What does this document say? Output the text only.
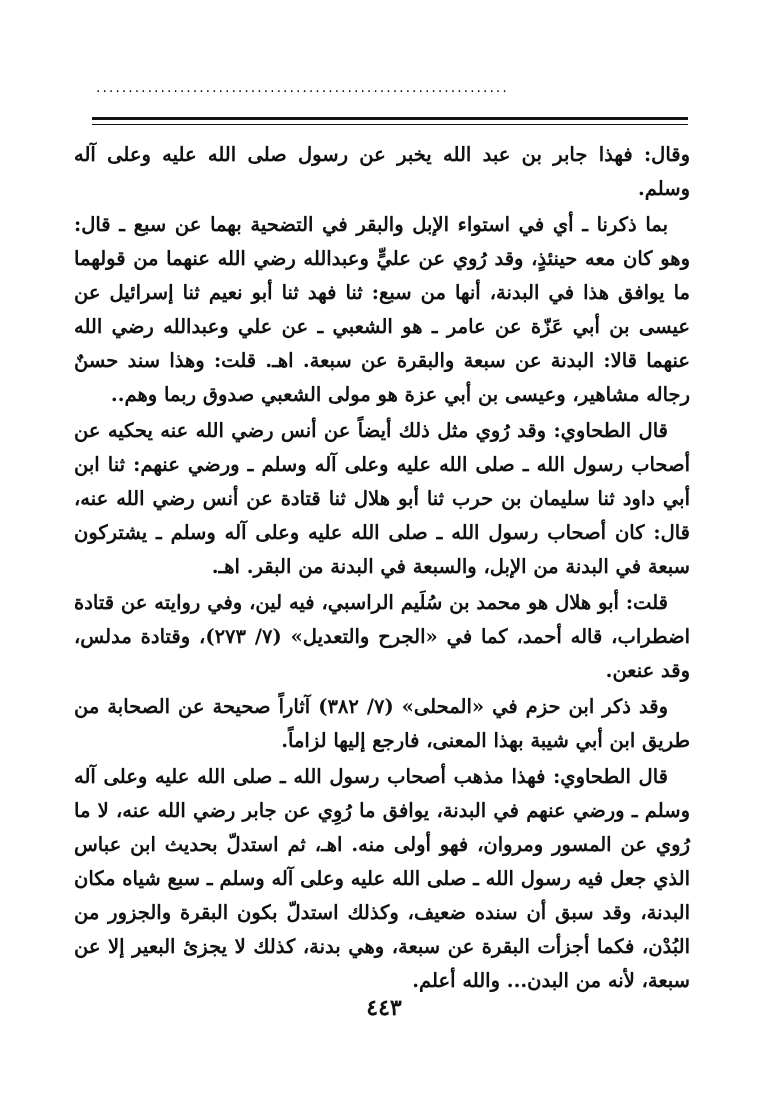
................................................................

وقال: فهذا جابر بن عبد الله يخبر عن رسول صلى الله عليه وعلى آله وسلم.

بما ذكرنا ـ أي في استواء الإبل والبقر في التضحية بهما عن سبع ـ قال: وهو كان معه حينئذٍ، وقد رُوي عن عليٍّ وعبدالله رضي الله عنهما من قولهما ما يوافق هذا في البدنة، أنها من سبع: ثنا فهد ثنا أبو نعيم ثنا إسرائيل عن عيسى بن أبي عَزّة عن عامر ـ هو الشعبي ـ عن علي وعبدالله رضي الله عنهما قالا: البدنة عن سبعة والبقرة عن سبعة. اهـ. قلت: وهذا سند حسنٌ رجاله مشاهير، وعيسى بن أبي عزة هو مولى الشعبي صدوق ربما وهم..

قال الطحاوي: وقد رُوي مثل ذلك أيضاً عن أنس رضي الله عنه يحكيه عن أصحاب رسول الله ـ صلى الله عليه وعلى آله وسلم ـ ورضي عنهم: ثنا ابن أبي داود ثنا سليمان بن حرب ثنا أبو هلال ثنا قتادة عن أنس رضي الله عنه، قال: كان أصحاب رسول الله ـ صلى الله عليه وعلى آله وسلم ـ يشتركون سبعة في البدنة من الإبل، والسبعة في البدنة من البقر. اهـ.

قلت: أبو هلال هو محمد بن سُلَيم الراسبي، فيه لين، وفي روايته عن قتادة اضطراب، قاله أحمد، كما في «الجرح والتعديل» (٧/ ٢٧٣)، وقتادة مدلس، وقد عنعن.

وقد ذكر ابن حزم في «المحلى» (٧/ ٣٨٢) آثاراً صحيحة عن الصحابة من طريق ابن أبي شيبة بهذا المعنى، فارجع إليها لزاماً.

قال الطحاوي: فهذا مذهب أصحاب رسول الله ـ صلى الله عليه وعلى آله وسلم ـ ورضي عنهم في البدنة، يوافق ما رُوِي عن جابر رضي الله عنه، لا ما رُوي عن المسور ومروان، فهو أولى منه. اهـ، ثم استدلّ بحديث ابن عباس الذي جعل فيه رسول الله ـ صلى الله عليه وعلى آله وسلم ـ سبع شياه مكان البدنة، وقد سبق أن سنده ضعيف، وكذلك استدلّ بكون البقرة والجزور من البُدْن، فكما أجزأت البقرة عن سبعة، وهي بدنة، كذلك لا يجزئ البعير إلا عن سبعة، لأنه من البدن... والله أعلم.

٤٤٣
